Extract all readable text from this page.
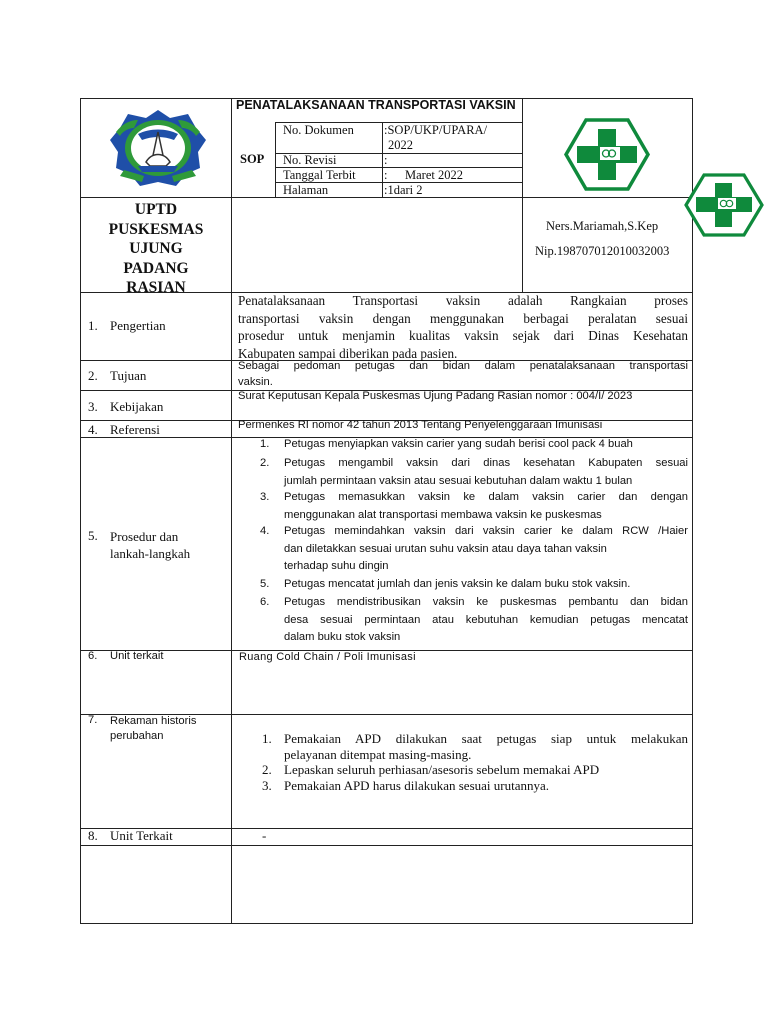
PENATALAKSANAAN TRANSPORTASI VAKSIN
SOP
No. Dokumen :SOP/UKP/UPARA/
2022
No. Revisi	:
Tanggal Terbit : Maret 2022
Halaman	:1dari 2
UPTD
PUSKESMAS
UJUNG
PADANG
RASIAN
Ners.Mariamah,S.Kep
Nip.198707012010032003
1. Pengertian
Penatalaksanaan Transportasi vaksin adalah Rangkaian proses
transportasi vaksin dengan menggunakan berbagai peralatan sesuai
prosedur untuk menjamin kualitas vaksin sejak dari Dinas Kesehatan
Kabupaten sampai diberikan pada pasien.
2. Tujuan
Sebagai pedoman petugas dan bidan dalam penatalaksanaan transportasi
vaksin.
3. Kebijakan
Surat Keputusan Kepala Puskesmas Ujung Padang Rasian nomor : 004/I/ 2023
4. Referensi	Permenkes RI nomor 42 tahun 2013 Tentang Penyelenggaraan Imunisasi
5. Prosedur dan
lankah-langkah
1. Petugas menyiapkan vaksin carier yang sudah berisi cool pack 4 buah
2. Petugas mengambil vaksin dari dinas kesehatan Kabupaten sesuai
jumlah permintaan vaksin atau sesuai kebutuhan dalam waktu 1 bulan
3. Petugas memasukkan vaksin ke dalam vaksin carier dan dengan
menggunakan alat transportasi membawa vaksin ke puskesmas
4. Petugas memindahkan vaksin dari vaksin carier ke dalam RCW /Haier
dan diletakkan sesuai urutan suhu vaksin atau daya tahan vaksin
terhadap suhu dingin
5. Petugas mencatat jumlah dan jenis vaksin ke dalam buku stok vaksin.
6. Petugas mendistribusikan vaksin ke puskesmas pembantu dan bidan
desa sesuai permintaan atau kebutuhan kemudian petugas mencatat
dalam buku stok vaksin
6. Unit terkait	Ruang Cold Chain / Poli Imunisasi
7. Rekaman historis
perubahan	1. Pemakaian APD dilakukan saat petugas siap untuk melakukan
pelayanan ditempat masing-masing.
2. Lepaskan seluruh perhiasan/asesoris sebelum memakai APD
3. Pemakaian APD harus dilakukan sesuai urutannya.
8. Unit Terkait	-
